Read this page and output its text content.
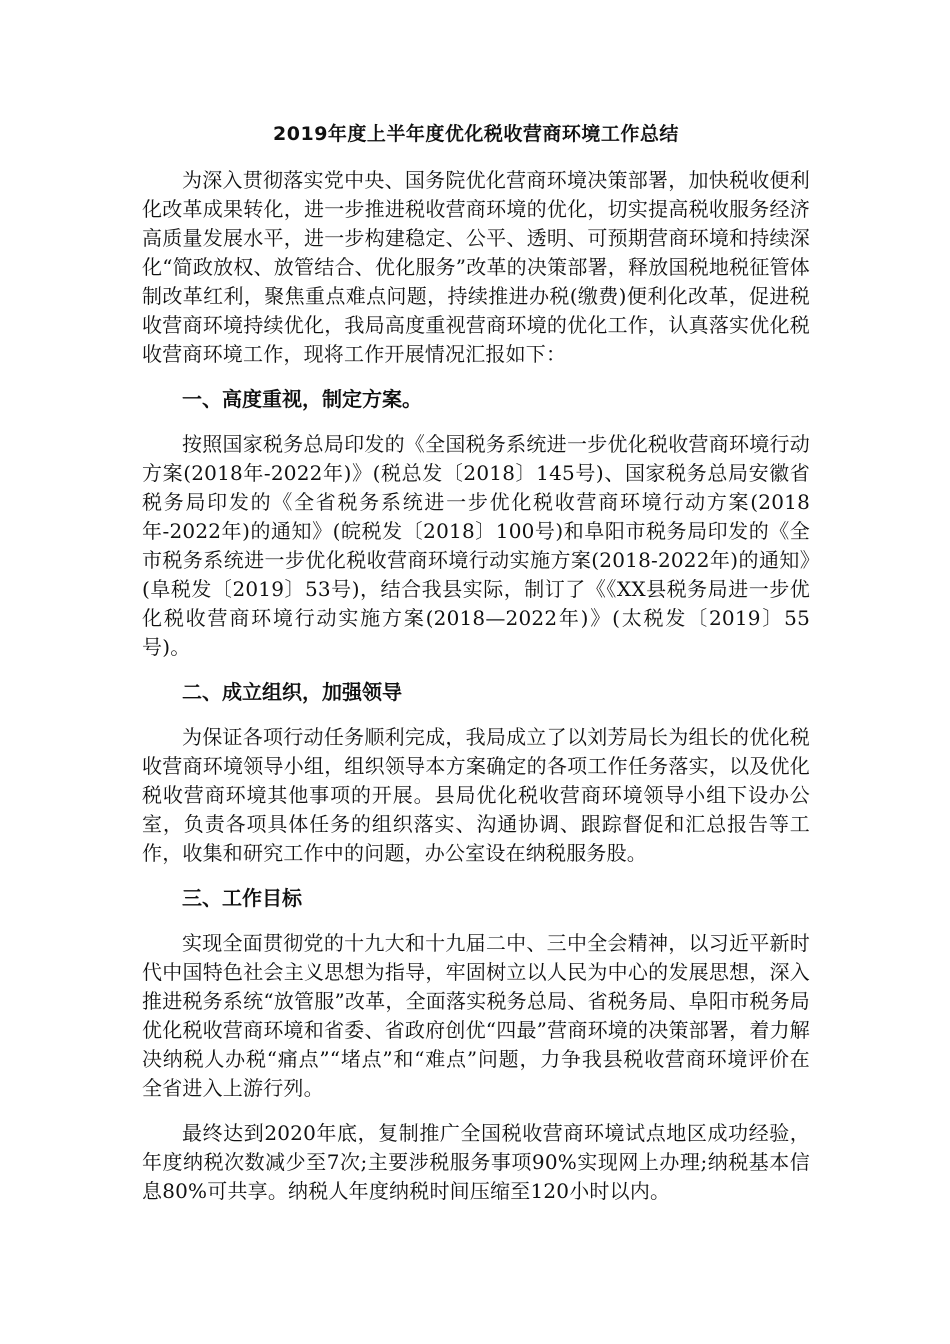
2019年度上半年度优化税收营商环境工作总结

为深入贯彻落实党中央、国务院优化营商环境决策部署，加快税收便利化改革成果转化，进一步推进税收营商环境的优化，切实提高税收服务经济高质量发展水平，进一步构建稳定、公平、透明、可预期营商环境和持续深化“简政放权、放管结合、优化服务”改革的决策部署，释放国税地税征管体制改革红利，聚焦重点难点问题，持续推进办税(缴费)便利化改革，促进税收营商环境持续优化，我局高度重视营商环境的优化工作，认真落实优化税收营商环境工作，现将工作开展情况汇报如下：

一、高度重视，制定方案。

按照国家税务总局印发的《全国税务系统进一步优化税收营商环境行动方案(2018年-2022年)》(税总发〔2018〕145号)、国家税务总局安徽省税务局印发的《全省税务系统进一步优化税收营商环境行动方案(2018年-2022年)的通知》(皖税发〔2018〕100号)和阜阳市税务局印发的《全市税务系统进一步优化税收营商环境行动实施方案(2018-2022年)的通知》(阜税发〔2019〕53号)，结合我县实际，制订了《《XX县税务局进一步优化税收营商环境行动实施方案(2018—2022年)》(太税发〔2019〕55号)。

二、成立组织，加强领导

为保证各项行动任务顺利完成，我局成立了以刘芳局长为组长的优化税收营商环境领导小组，组织领导本方案确定的各项工作任务落实，以及优化税收营商环境其他事项的开展。县局优化税收营商环境领导小组下设办公室，负责各项具体任务的组织落实、沟通协调、跟踪督促和汇总报告等工作，收集和研究工作中的问题，办公室设在纳税服务股。

三、工作目标

实现全面贯彻党的十九大和十九届二中、三中全会精神，以习近平新时代中国特色社会主义思想为指导，牢固树立以人民为中心的发展思想，深入推进税务系统“放管服”改革，全面落实税务总局、省税务局、阜阳市税务局优化税收营商环境和省委、省政府创优“四最”营商环境的决策部署，着力解决纳税人办税“痛点”“堵点”和“难点”问题，力争我县税收营商环境评价在全省进入上游行列。

最终达到2020年底，复制推广全国税收营商环境试点地区成功经验，年度纳税次数减少至7次;主要涉税服务事项90%实现网上办理;纳税基本信息80%可共享。纳税人年度纳税时间压缩至120小时以内。
